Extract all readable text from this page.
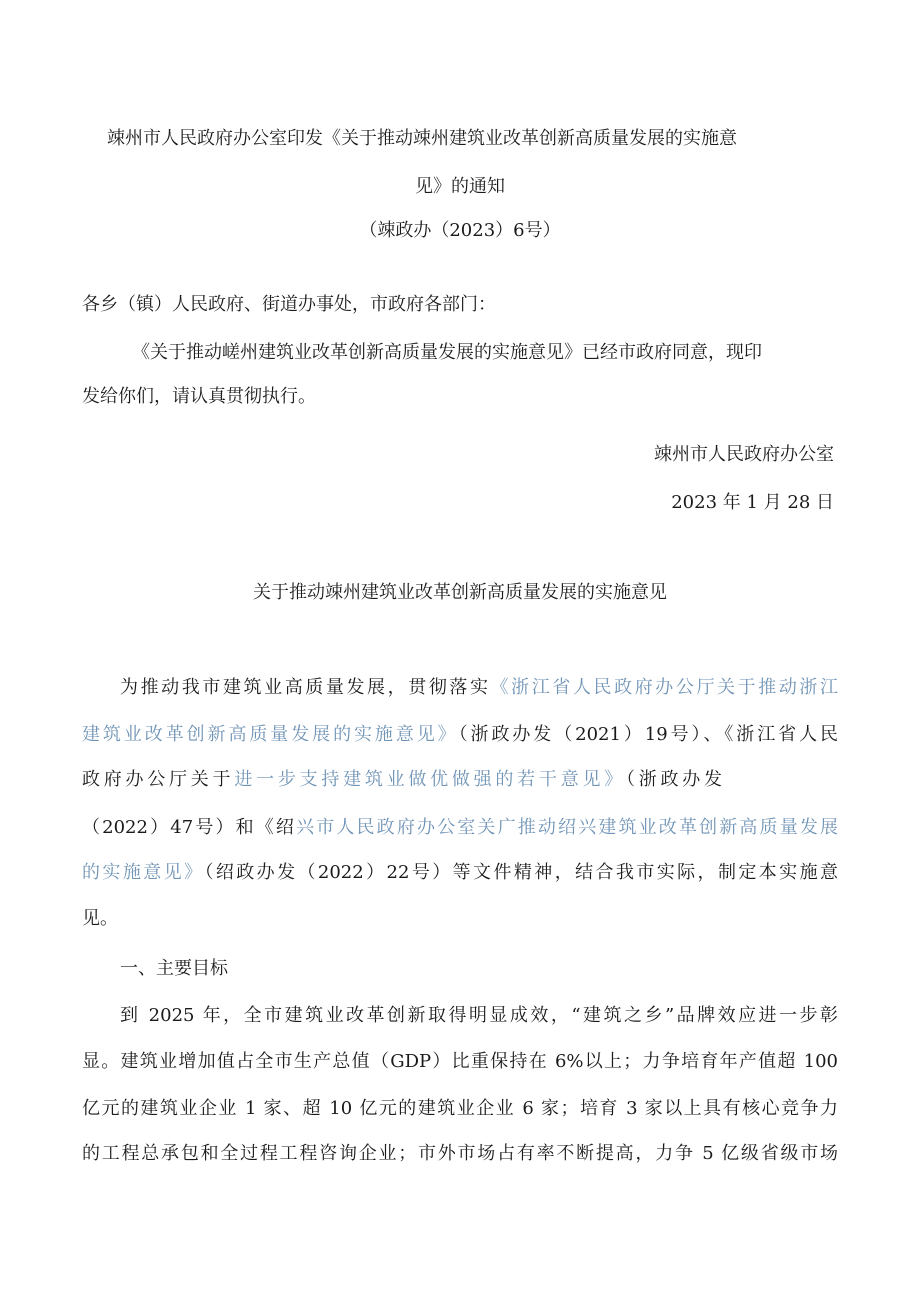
竦州市人民政府办公室印发《关于推动竦州建筑业改革创新高质量发展的实施意
见》的通知
（竦政办（2023）6号）
各乡（镇）人民政府、街道办事处，市政府各部门：
《关于推动嵯州建筑业改革创新高质量发展的实施意见》已经市政府同意，现印
发给你们，请认真贯彻执行。
竦州市人民政府办公室
2023 年 1 月 28 日
关于推动竦州建筑业改革创新高质量发展的实施意见
为推动我市建筑业高质量发展，贯彻落实《浙江省人民政府办公厅关于推动浙江
建筑业改革创新高质量发展的实施意见》（浙政办发（2021）19号）、《浙江省人民
政府办公厅关于进一步支持建筑业做优做强的若干意见》（浙政办发
（2022）47号）和《绍兴市人民政府办公室关广推动绍兴建筑业改革创新高质量发展
的实施意见》（绍政办发（2022）22号）等文件精神，结合我市实际，制定本实施意
见。
一、主要目标
到 2025 年，全市建筑业改革创新取得明显成效，“建筑之乡”品牌效应进一步彰
显。建筑业增加值占全市生产总值（GDP）比重保持在 6%以上；力争培育年产值超 100
亿元的建筑业企业 1 家、超 10 亿元的建筑业企业 6 家；培育 3 家以上具有核心竞争力
的工程总承包和全过程工程咨询企业；市外市场占有率不断提高，力争 5 亿级省级市场
